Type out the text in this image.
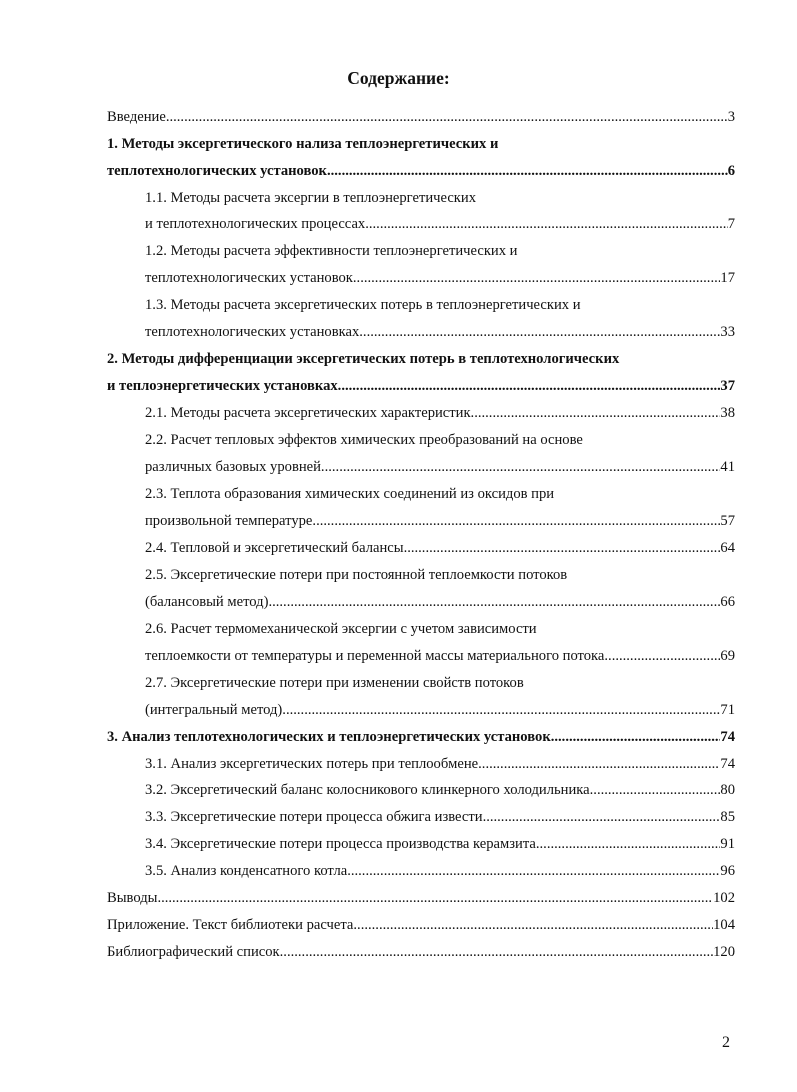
Содержание:
Введение .....	3
1. Методы эксергетического нализа теплоэнергетических и
теплотехнологических установок .....	6
1.1. Методы расчета эксергии в теплоэнергетических
и теплотехнологических процессах .....	7
1.2. Методы расчета эффективности теплоэнергетических и
теплотехнологических установок .....	17
1.3. Методы расчета эксергетических потерь в теплоэнергетических и
теплотехнологических установках .....	33
2. Методы дифференциации эксергетических потерь в теплотехнологических
и теплоэнергетических установках .....	37
2.1. Методы расчета эксергетических характеристик. .....	38
2.2. Расчет тепловых эффектов химических преобразований на основе
различных базовых уровней. .....	41
2.3. Теплота образования химических соединений из оксидов при
произвольной температуре .....	57
2.4. Тепловой и эксергетический балансы .....	64
2.5. Эксергетические потери при постоянной теплоемкости потоков
(балансовый метод) .....	66
2.6. Расчет термомеханической эксергии с учетом зависимости
теплоемкости от температуры и переменной массы материального потока .....	69
2.7. Эксергетические потери при изменении свойств потоков
(интегральный метод) .....	71
3. Анализ теплотехнологических и теплоэнергетических установок .....	74
3.1. Анализ эксергетических потерь при теплообмене .....	74
3.2. Эксергетический баланс колосникового клинкерного холодильника .....	80
3.3. Эксергетические потери процесса обжига извести .....	85
3.4. Эксергетические потери процесса производства керамзита. .....	91
3.5. Анализ конденсатного котла. .....	96
Выводы .....	102
Приложение. Текст библиотеки расчета .....	104
Библиографический список .....	120
2
